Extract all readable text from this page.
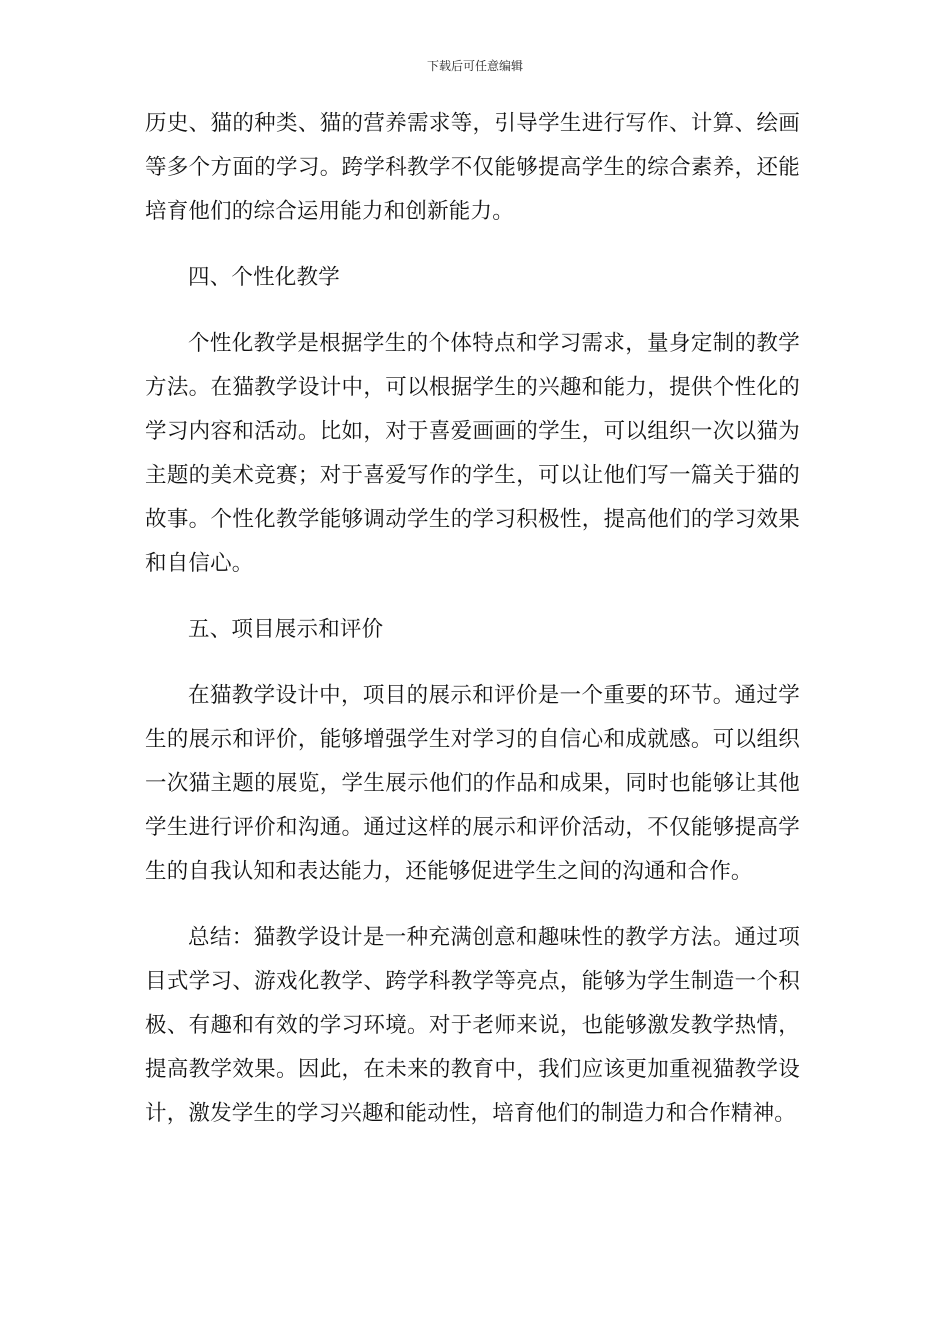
下载后可任意编辑

历史、猫的种类、猫的营养需求等，引导学生进行写作、计算、绘画等多个方面的学习。跨学科教学不仅能够提高学生的综合素养，还能培育他们的综合运用能力和创新能力。

四、个性化教学

个性化教学是根据学生的个体特点和学习需求，量身定制的教学方法。在猫教学设计中，可以根据学生的兴趣和能力，提供个性化的学习内容和活动。比如，对于喜爱画画的学生，可以组织一次以猫为主题的美术竞赛；对于喜爱写作的学生，可以让他们写一篇关于猫的故事。个性化教学能够调动学生的学习积极性，提高他们的学习效果和自信心。

五、项目展示和评价

在猫教学设计中，项目的展示和评价是一个重要的环节。通过学生的展示和评价，能够增强学生对学习的自信心和成就感。可以组织一次猫主题的展览，学生展示他们的作品和成果，同时也能够让其他学生进行评价和沟通。通过这样的展示和评价活动，不仅能够提高学生的自我认知和表达能力，还能够促进学生之间的沟通和合作。

总结：猫教学设计是一种充满创意和趣味性的教学方法。通过项目式学习、游戏化教学、跨学科教学等亮点，能够为学生制造一个积极、有趣和有效的学习环境。对于老师来说，也能够激发教学热情，提高教学效果。因此，在未来的教育中，我们应该更加重视猫教学设计，激发学生的学习兴趣和能动性，培育他们的制造力和合作精神。
